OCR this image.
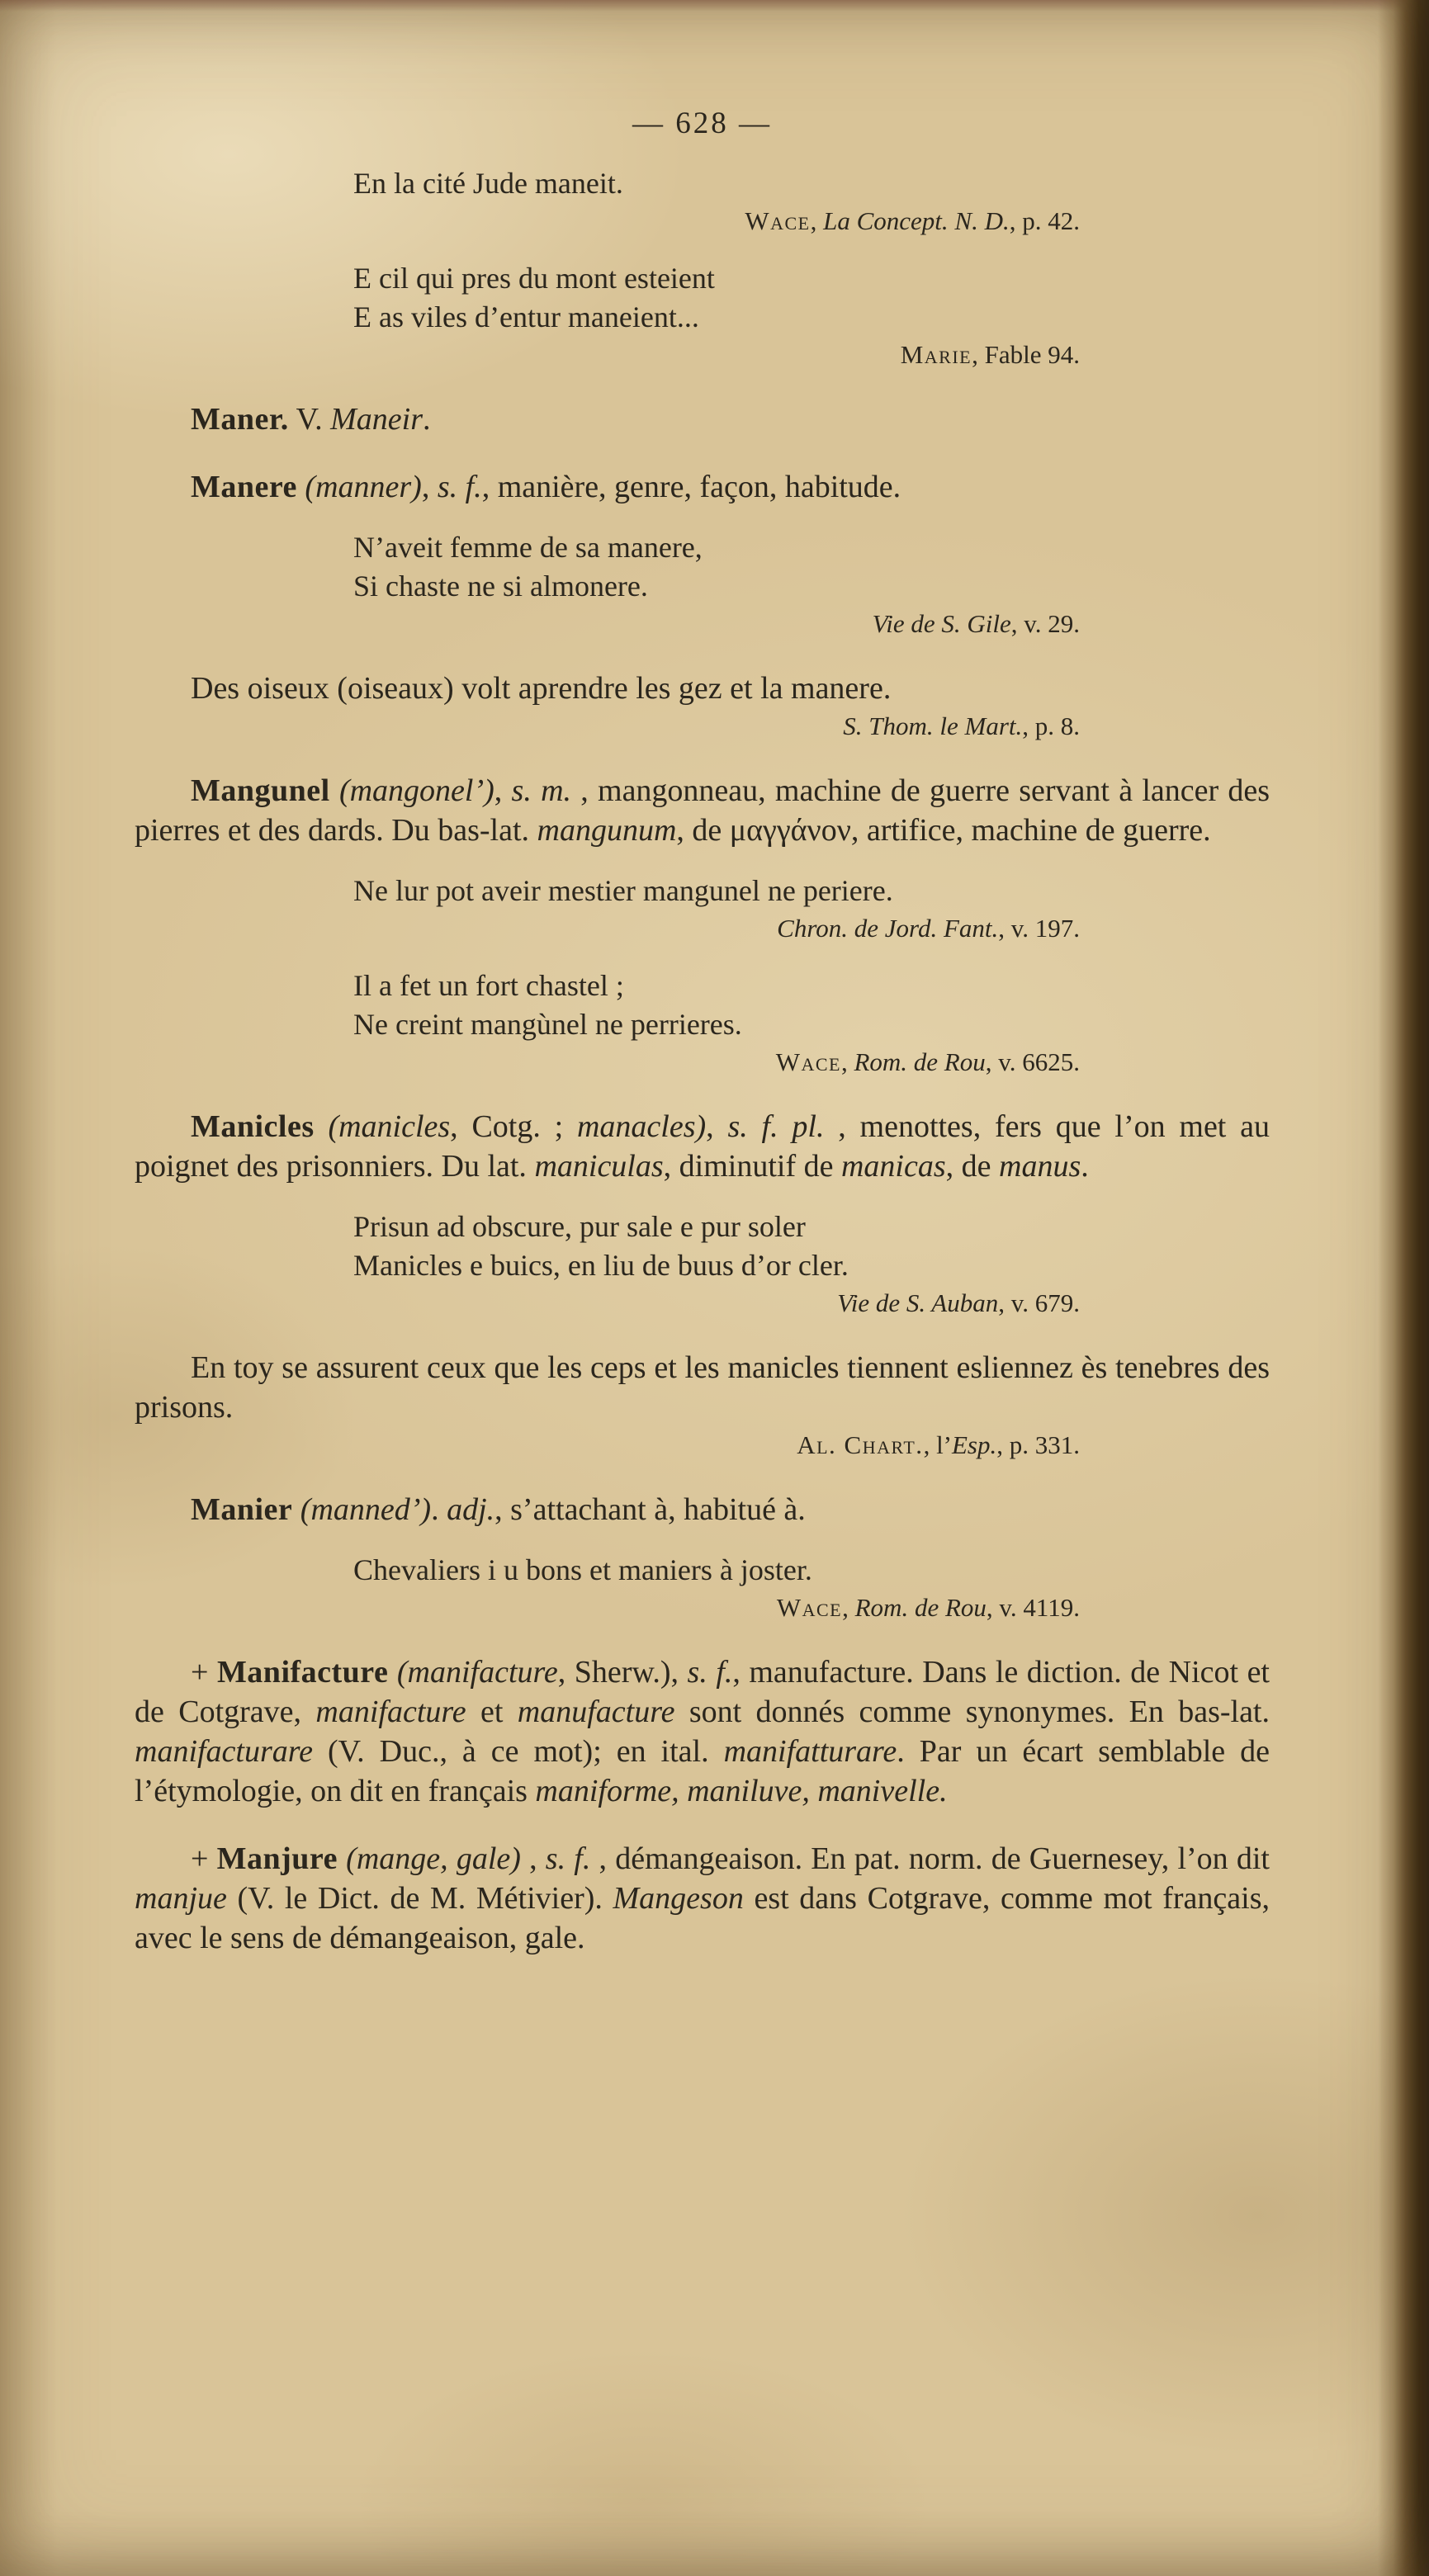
— 628 —
En la cité Jude maneit.
Wace, La Concept. N. D., p. 42.
E cil qui pres du mont esteient
E as viles d’entur maneient...
Marie, Fable 94.
Maner. V. Maneir.
Manere (manner), s. f., manière, genre, façon, habitude.
N’aveit femme de sa manere,
Si chaste ne si almonere.
Vie de S. Gile, v. 29.
Des oiseux (oiseaux) volt aprendre les gez et la manere.
S. Thom. le Mart., p. 8.
Mangunel (mangonel’), s. m. , mangonneau, machine de guerre servant à lancer des pierres et des dards. Du bas-lat. mangunum, de μαγγάνον, artifice, machine de guerre.
Ne lur pot aveir mestier mangunel ne periere.
Chron. de Jord. Fant., v. 197.
Il a fet un fort chastel ;
Ne creint mangùnel ne perrieres.
Wace, Rom. de Rou, v. 6625.
Manicles (manicles, Cotg. ; manacles), s. f. pl. , menottes, fers que l’on met au poignet des prisonniers. Du lat. maniculas, diminutif de manicas, de manus.
Prisun ad obscure, pur sale e pur soler
Manicles e buics, en liu de buus d’or cler.
Vie de S. Auban, v. 679.
En toy se assurent ceux que les ceps et les manicles tiennent esliennez ès tenebres des prisons.
Al. Chart., l’Esp., p. 331.
Manier (manned’). adj., s’attachant à, habitué à.
Chevaliers i u bons et maniers à joster.
Wace, Rom. de Rou, v. 4119.
+ Manifacture (manifacture, Sherw.), s. f., manufacture. Dans le diction. de Nicot et de Cotgrave, manifacture et manufacture sont donnés comme synonymes. En bas-lat. manifacturare (V. Duc., à ce mot); en ital. manifatturare. Par un écart semblable de l’étymologie, on dit en français maniforme, maniluve, manivelle.
+ Manjure (mange, gale) , s. f. , démangeaison. En pat. norm. de Guernesey, l’on dit manjue (V. le Dict. de M. Métivier). Mangeson est dans Cotgrave, comme mot français, avec le sens de démangeaison, gale.
